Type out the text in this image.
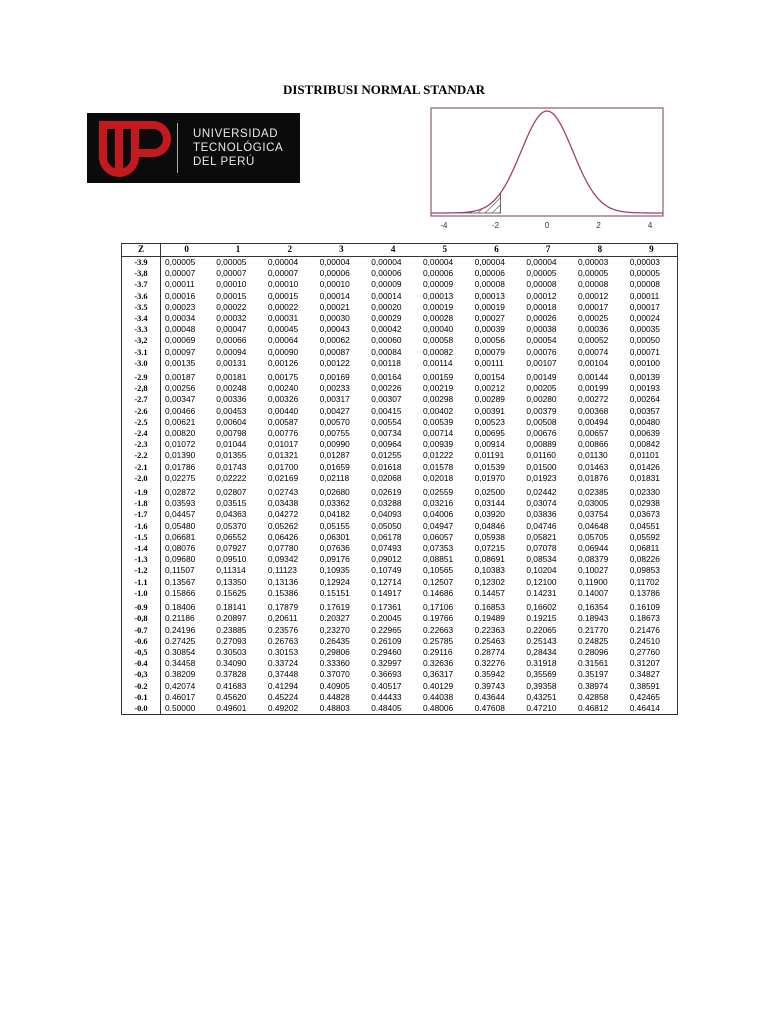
DISTRIBUSI NORMAL STANDAR
UNIVERSIDAD
TECNOLÓGICA
DEL PERÚ
-4	-2	0	2	4
Z	0	1	2	3	4	5	6	7	8	9
-3.9	0,00005	0,00005	0,00004	0,00004	0,00004	0,00004	0,00004	0,00004	0,00003	0,00003
-3,8	0,00007	0,00007	0,00007	0,00006	0,00006	0,00006	0,00006	0,00005	0,00005	0,00005
-3.7	0,00011	0,00010	0,00010	0,00010	0,00009	0,00009	0,00008	0,00008	0,00008	0,00008
-3.6	0,00016	0,00015	0,00015	0,00014	0,00014	0,00013	0,00013	0,00012	0,00012	0,00011
-3.5	0,00023	0,00022	0,00022	0,00021	0,00020	0,00019	0,00019	0,00018	0,00017	0,00017
-3.4	0,00034	0,00032	0,00031	0,00030	0,00029	0,00028	0,00027	0,00026	0,00025	0,00024
-3.3	0,00048	0,00047	0,00045	0,00043	0,00042	0,00040	0,00039	0,00038	0,00036	0,00035
-3,2	0,00069	0,00066	0,00064	0,00062	0,00060	0,00058	0,00056	0,00054	0,00052	0,00050
-3.1	0,00097	0,00094	0,00090	0,00087	0,00084	0,00082	0,00079	0,00076	0,00074	0,00071
-3.0	0,00135	0,00131	0,00126	0,00122	0,00118	0,00114	0,00111	0,00107	0,00104	0,00100
-2.9	0,00187	0,00181	0,00175	0,00169	0,00164	0,00159	0,00154	0,00149	0,00144	0,00139
-2,8	0,00256	0,00248	0,00240	0,00233	0,00226	0,00219	0,00212	0,00205	0,00199	0,00193
-2.7	0,00347	0,00336	0,00326	0,00317	0,00307	0,00298	0,00289	0,00280	0,00272	0,00264
-2.6	0,00466	0,00453	0,00440	0,00427	0,00415	0,00402	0,00391	0,00379	0,00368	0,00357
-2.5	0,00621	0,00604	0,00587	0,00570	0,00554	0,00539	0,00523	0,00508	0,00494	0,00480
-2.4	0,00820	0,00798	0,00776	0,00755	0,00734	0,00714	0,00695	0,00676	0,00657	0,00639
-2.3	0,01072	0,01044	0,01017	0,00990	0,00964	0,00939	0,00914	0,00889	0,00866	0,00842
-2.2	0,01390	0,01355	0,01321	0,01287	0,01255	0,01222	0,01191	0,01160	0,01130	0,01101
-2.1	0,01786	0,01743	0,01700	0,01659	0,01618	0,01578	0,01539	0,01500	0,01463	0,01426
-2.0	0,02275	0,02222	0,02169	0,02118	0,02068	0,02018	0,01970	0,01923	0,01876	0,01831
-1.9	0,02872	0,02807	0,02743	0,02680	0,02619	0,02559	0,02500	0,02442	0,02385	0,02330
-1.8	0,03593	0,03515	0,03438	0,03362	0,03288	0,03216	0,03144	0,03074	0,03005	0,02938
-1.7	0,04457	0,04363	0,04272	0,04182	0,04093	0,04006	0,03920	0,03836	0,03754	0,03673
-1.6	0,05480	0,05370	0,05262	0,05155	0,05050	0,04947	0,04846	0,04746	0,04648	0,04551
-1.5	0,06681	0,06552	0,06426	0,06301	0,06178	0,06057	0,05938	0,05821	0,05705	0,05592
-1.4	0,08076	0,07927	0,07780	0,07636	0,07493	0,07353	0,07215	0,07078	0,06944	0,06811
-1.3	0,09680	0,09510	0,09342	0,09176	0,09012	0,08851	0,08691	0,08534	0,08379	0,08226
-1.2	0,11507	0,11314	0,11123	0,10935	0,10749	0,10565	0,10383	0,10204	0,10027	0,09853
-1.1	0,13567	0,13350	0,13136	0,12924	0,12714	0,12507	0,12302	0,12100	0,11900	0,11702
-1.0	0.15866	0.15625	0.15386	0.15151	0.14917	0.14686	0.14457	0.14231	0.14007	0.13786
-0.9	0.18406	0.18141	0.17879	0.17619	0.17361	0,17106	0.16853	0,16602	0,16354	0.16109
-0,8	0.21186	0.20897	0,20611	0.20327	0.20045	0.19766	0.19489	0.19215	0.18943	0.18673
-0.7	0.24196	0.23885	0.23576	0,23270	0.22965	0.22663	0.22363	0.22065	0.21770	0.21476
-0.6	0.27425	0.27093	0.26763	0.26435	0.26109	0.25785	0.25463	0.25143	0.24825	0.24510
-0,5	0.30854	0.30503	0.30153	0,29806	0.29460	0.29116	0.28774	0,28434	0.28096	0,27760
-0.4	0.34458	0.34090	0.33724	0.33360	0.32997	0.32636	0.32276	0.31918	0.31561	0.31207
-0,3	0.38209	0.37828	0,37448	0.37070	0.36693	0,36317	0.35942	0,35569	0.35197	0.34827
-0.2	0,42074	0.41683	0.41294	0.40905	0.40517	0.40129	0.39743	0,39358	0.38974	0.38591
-0.1	0.46017	0.45620	0.45224	0.44828	0.44433	0.44038	0.43644	0,43251	0.42858	0,42465
-0.0	0.50000	0.49601	0.49202	0.48803	0.48405	0.48006	0.47608	0.47210	0.46812	0.46414
